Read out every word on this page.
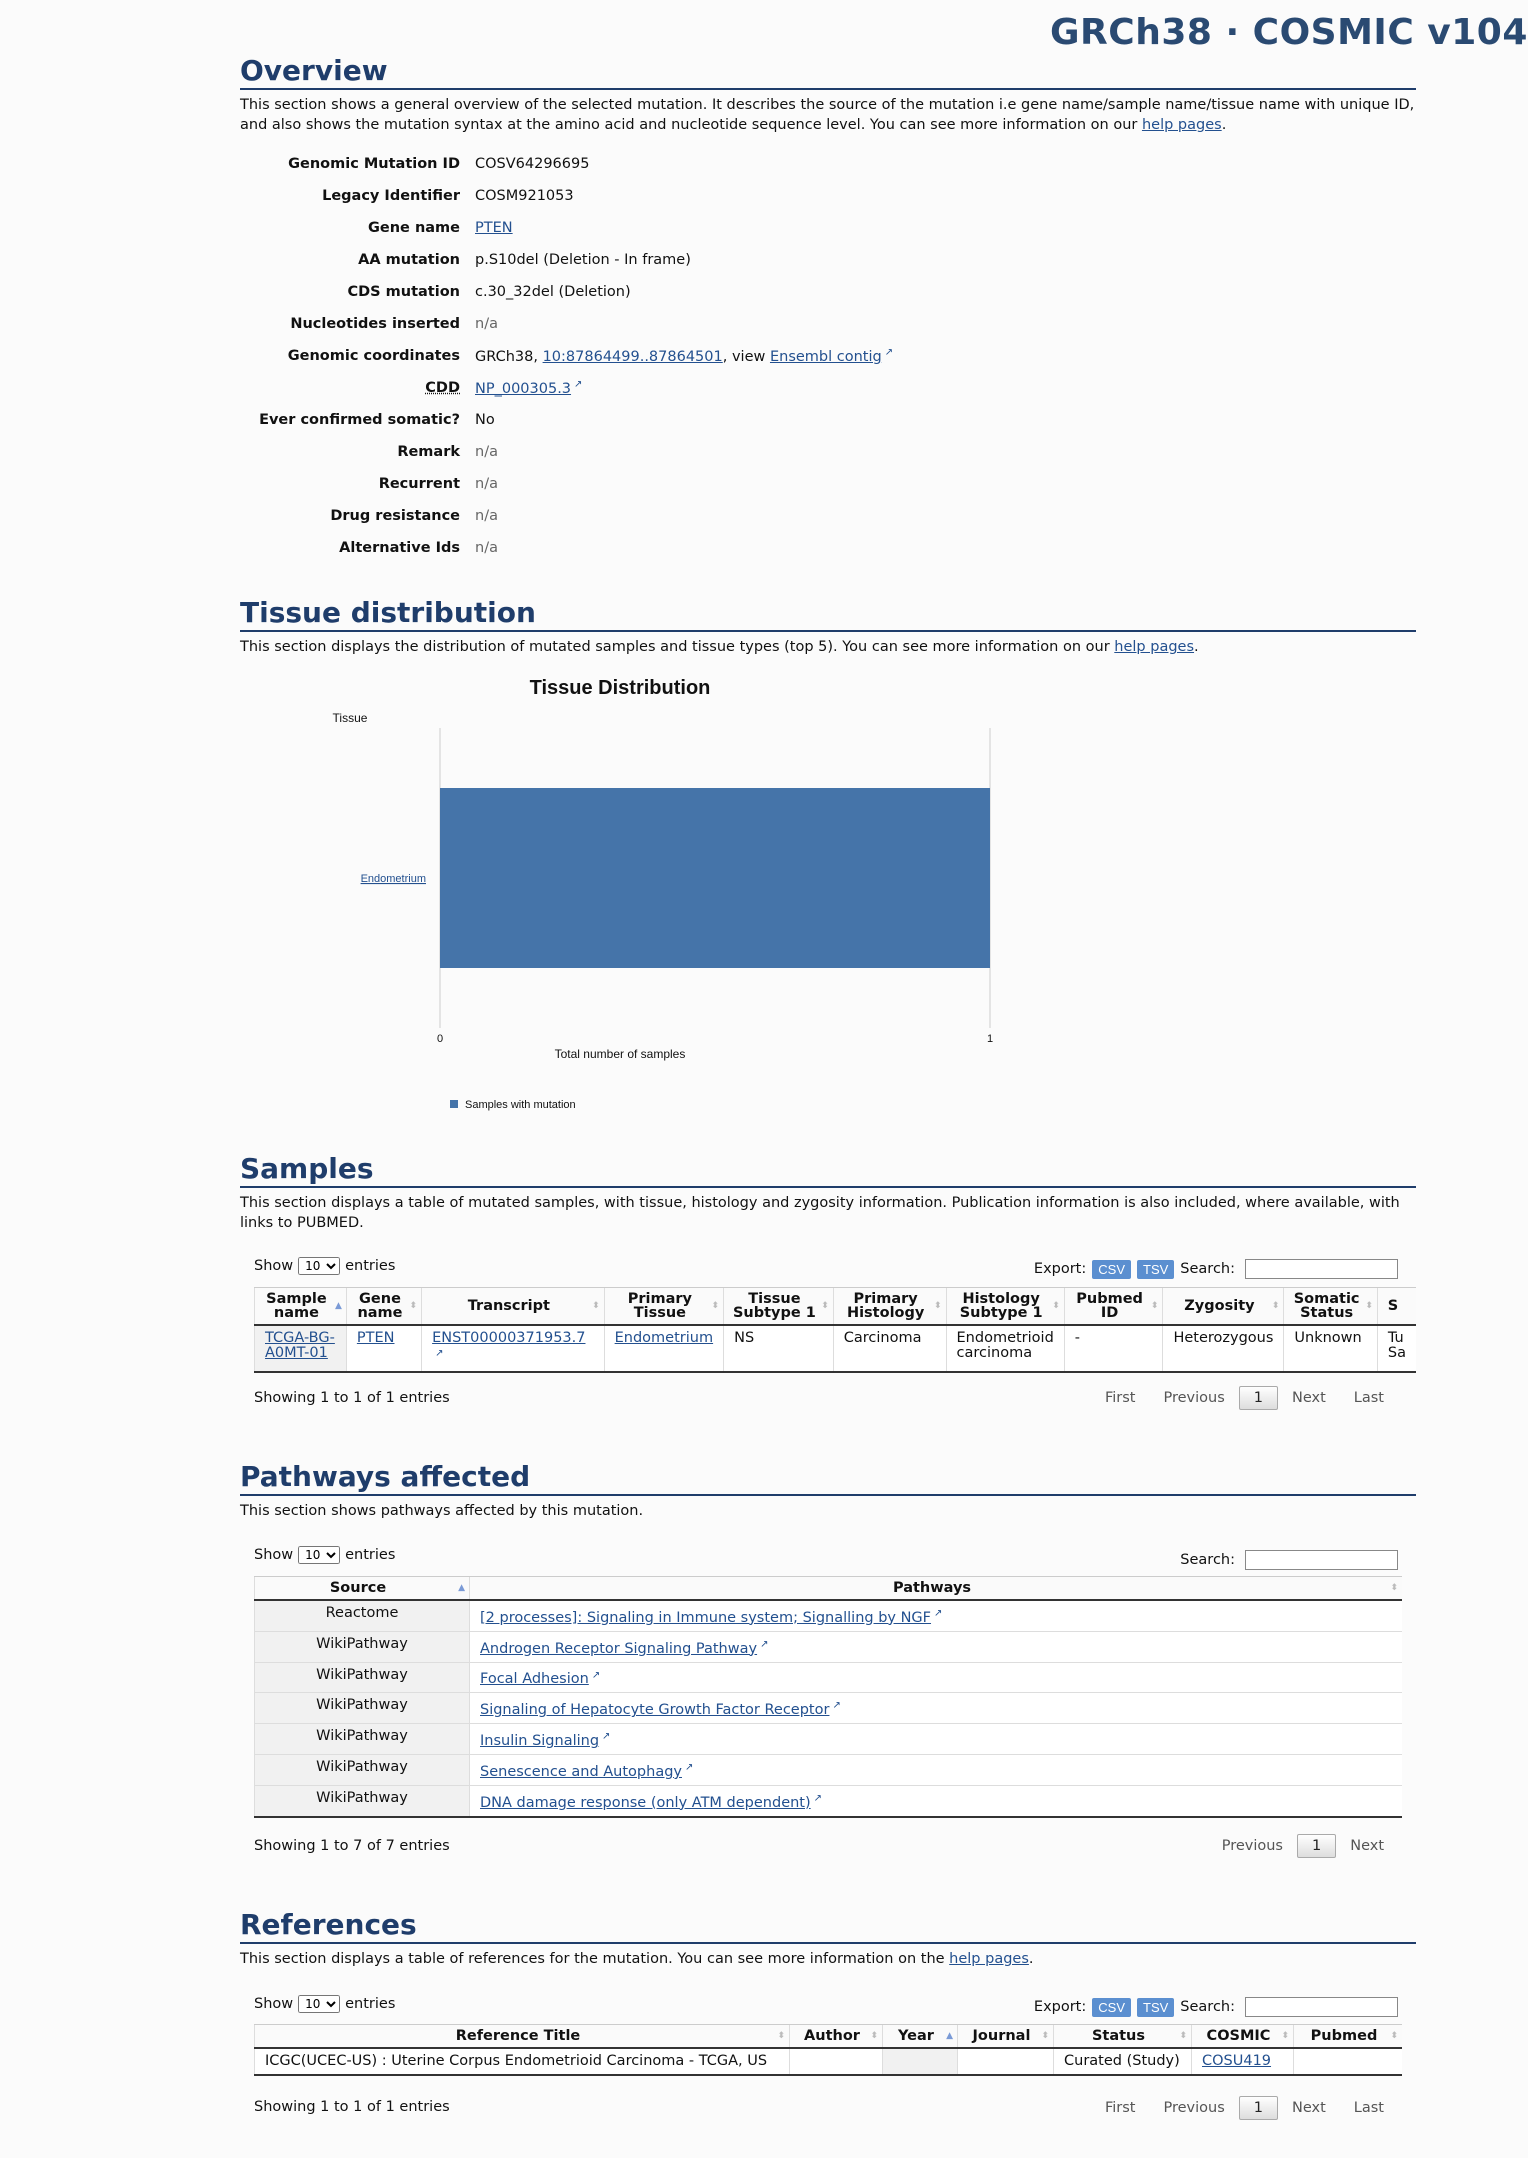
GRCh38 · COSMIC v104
Overview

This section shows a general overview of the selected mutation. It describes the source of the mutation i.e gene name/sample name/tissue name with unique ID, and also shows the mutation syntax at the amino acid and nucleotide sequence level. You can see more information on our help pages.

Genomic Mutation ID	COSV64296695
Legacy Identifier	COSM921053
Gene name	PTEN
AA mutation	p.S10del (Deletion - In frame)
CDS mutation	c.30_32del (Deletion)
Nucleotides inserted	n/a
Genomic coordinates	GRCh38, 10:87864499..87864501, view Ensembl contig ↗
CDD	NP_000305.3 ↗
Ever confirmed somatic?	No
Remark	n/a
Recurrent	n/a
Drug resistance	n/a
Alternative Ids	n/a
Tissue distribution

This section displays the distribution of mutated samples and tissue types (top 5). You can see more information on our help pages.

Tissue Distribution
Tissue
Endometrium
0	1
Total number of samples
Samples with mutation
Samples

This section displays a table of mutated samples, with tissue, histology and zygosity information. Publication information is also included, where available, with links to PUBMED.

Show
10	entries	Export: CSV	TSV Search:
Sample name ▲	Gene name ⬍	Transcript ⬍	Primary Tissue ⬍	Tissue Subtype 1 ⬍	Primary Histology ⬍	Histology Subtype 1 ⬍	Pubmed ID ⬍	Zygosity ⬍	Somatic Status ⬍	S
TCGA-BG-A0MT-01	PTEN	ENST00000371953.7 ↗	Endometrium	NS	Carcinoma	Endometrioid carcinoma	-	Heterozygous	Unknown	Tu Sa
Showing 1 to 1 of 1 entries	First	Previous	1	Next	Last
Pathways affected

This section shows pathways affected by this mutation.

Show
10	entries	Search:
Source ▲	Pathways ⬍

Reactome	[2 processes]: Signaling in Immune system; Signalling by NGF ↗
WikiPathway	Androgen Receptor Signaling Pathway ↗
WikiPathway	Focal Adhesion ↗
WikiPathway	Signaling of Hepatocyte Growth Factor Receptor ↗
WikiPathway	Insulin Signaling ↗
WikiPathway	Senescence and Autophagy ↗
WikiPathway	DNA damage response (only ATM dependent) ↗
Showing 1 to 7 of 7 entries	Previous	1	Next
References

This section displays a table of references for the mutation. You can see more information on the help pages.

Show
10	entries	Export: CSV	TSV Search:
Reference Title ⬍	Author ⬍	Year ▲	Journal ⬍	Status ⬍	COSMIC ⬍	Pubmed ⬍

ICGC(UCEC-US) : Uterine Corpus Endometrioid Carcinoma - TCGA, US				Curated (Study)	COSU419	
Showing 1 to 1 of 1 entries	First	Previous	1	Next	Last
